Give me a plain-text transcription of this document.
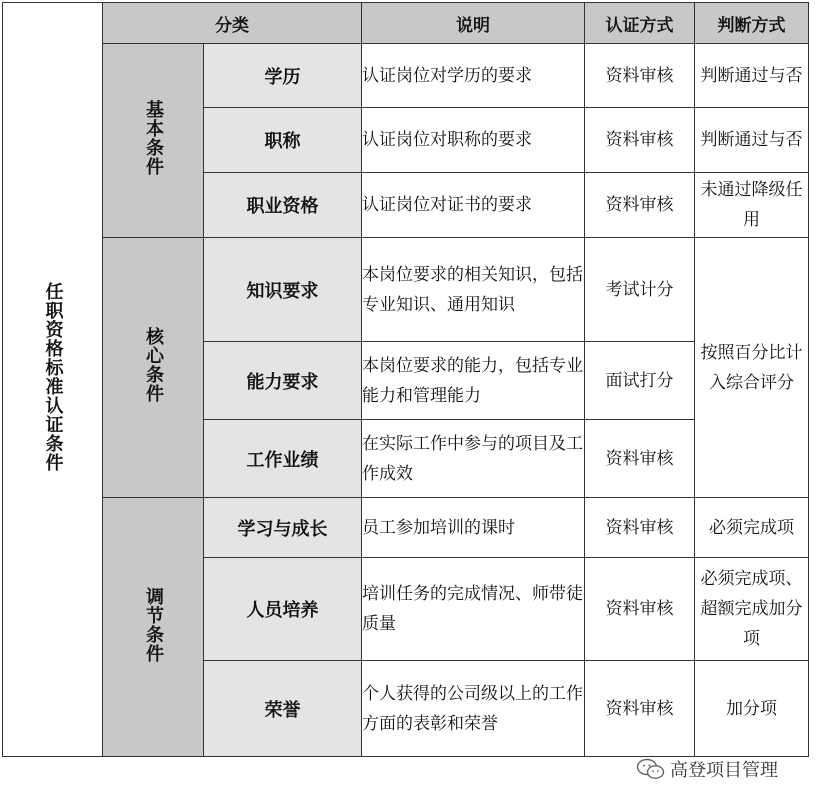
任职资格标准认证条件	分类		说明	认证方式	判断方式
	基本条件	学历	认证岗位对学历的要求	资料审核	判断通过与否
		职称	认证岗位对职称的要求	资料审核	判断通过与否
		职业资格	认证岗位对证书的要求	资料审核	未通过降级任用
	核心条件	知识要求	本岗位要求的相关知识，包括专业知识、通用知识	考试计分	按照百分比计入综合评分
		能力要求	本岗位要求的能力，包括专业能力和管理能力	面试打分	
		工作业绩	在实际工作中参与的项目及工作成效	资料审核	
	调节条件	学习与成长	员工参加培训的课时	资料审核	必须完成项
		人员培养	培训任务的完成情况、师带徒质量	资料审核	必须完成项、超额完成加分项
		荣誉	个人获得的公司级以上的工作方面的表彰和荣誉	资料审核	加分项
高登项目管理
